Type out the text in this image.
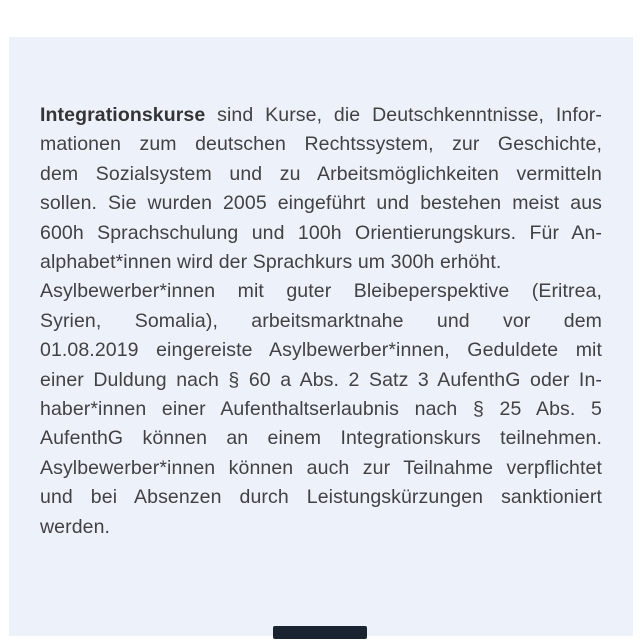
Integrationskurse sind Kurse, die Deutschkenntnisse, Infor-
mationen zum deutschen Rechtssystem, zur Geschichte,
dem Sozialsystem und zu Arbeitsmöglichkeiten vermitteln
sollen. Sie wurden 2005 eingeführt und bestehen meist aus
600h Sprachschulung und 100h Orientierungskurs. Für An-
alphabet*innen wird der Sprachkurs um 300h erhöht.
Asylbewerber*innen mit guter Bleibeperspektive (Eritrea,
Syrien, Somalia), arbeitsmarktnahe und vor dem
01.08.2019 eingereiste Asylbewerber*innen, Geduldete mit
einer Duldung nach § 60 a Abs. 2 Satz 3 AufenthG oder In-
haber*innen einer Aufenthaltserlaubnis nach § 25 Abs. 5
AufenthG können an einem Integrationskurs teilnehmen.
Asylbewerber*innen können auch zur Teilnahme verpflichtet
und bei Absenzen durch Leistungskürzungen sanktioniert
werden.
